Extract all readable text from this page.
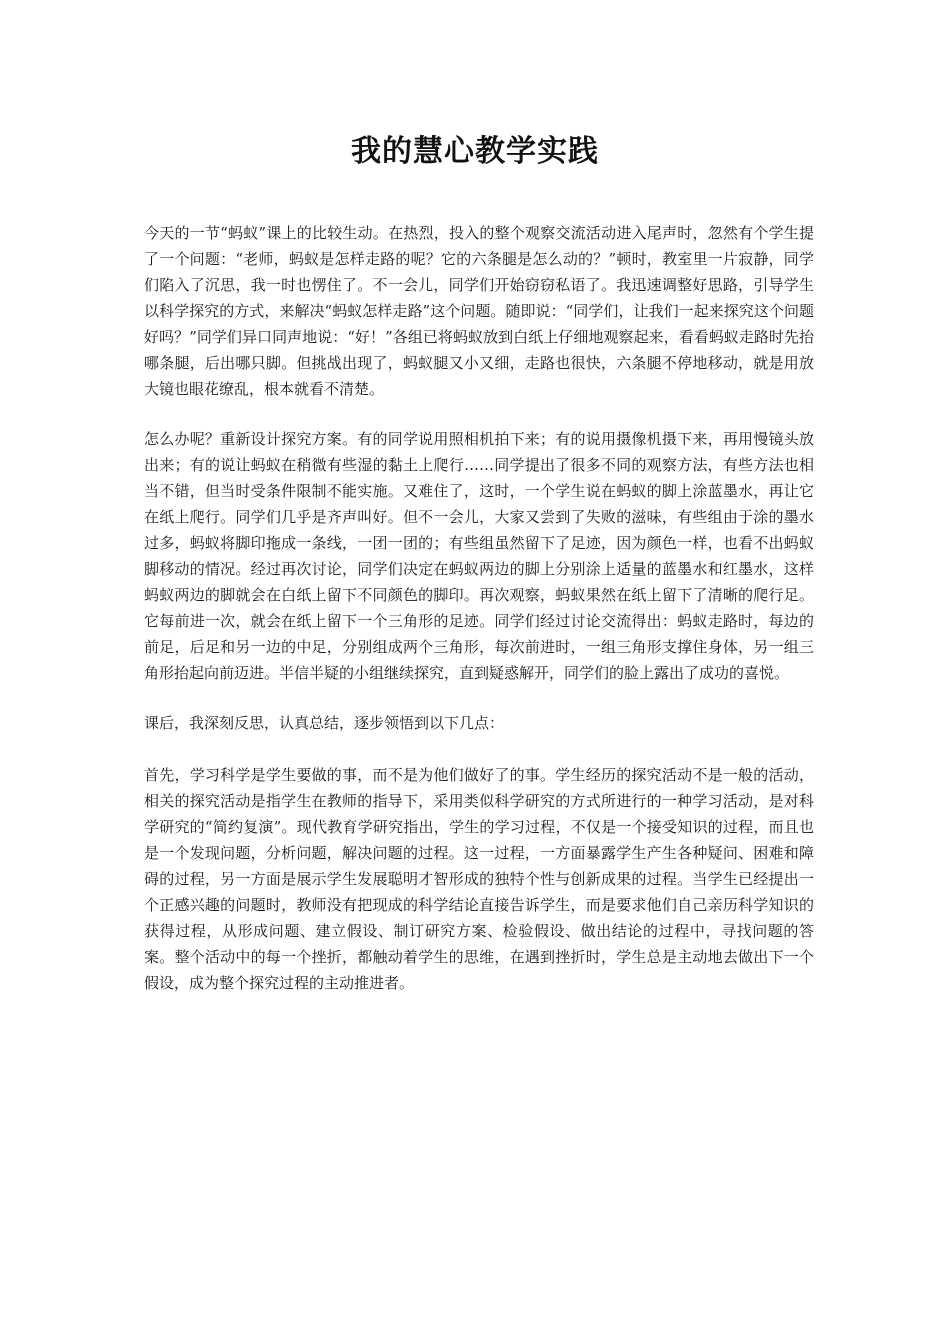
我的慧心教学实践

今天的一节“蚂蚁”课上的比较生动。在热烈，投入的整个观察交流活动进入尾声时，忽然有个学生提了一个问题：“老师，蚂蚁是怎样走路的呢？它的六条腿是怎么动的？”顿时，教室里一片寂静，同学们陷入了沉思，我一时也愣住了。不一会儿，同学们开始窃窃私语了。我迅速调整好思路，引导学生以科学探究的方式，来解决“蚂蚁怎样走路”这个问题。随即说：“同学们，让我们一起来探究这个问题好吗？”同学们异口同声地说：“好！”各组已将蚂蚁放到白纸上仔细地观察起来，看看蚂蚁走路时先抬哪条腿，后出哪只脚。但挑战出现了，蚂蚁腿又小又细，走路也很快，六条腿不停地移动，就是用放大镜也眼花缭乱，根本就看不清楚。

怎么办呢？重新设计探究方案。有的同学说用照相机拍下来；有的说用摄像机摄下来，再用慢镜头放出来；有的说让蚂蚁在稍微有些湿的黏土上爬行……同学提出了很多不同的观察方法，有些方法也相当不错，但当时受条件限制不能实施。又难住了，这时，一个学生说在蚂蚁的脚上涂蓝墨水，再让它在纸上爬行。同学们几乎是齐声叫好。但不一会儿，大家又尝到了失败的滋味，有些组由于涂的墨水过多，蚂蚁将脚印拖成一条线，一团一团的；有些组虽然留下了足迹，因为颜色一样，也看不出蚂蚁脚移动的情况。经过再次讨论，同学们决定在蚂蚁两边的脚上分别涂上适量的蓝墨水和红墨水，这样蚂蚁两边的脚就会在白纸上留下不同颜色的脚印。再次观察，蚂蚁果然在纸上留下了清晰的爬行足。它每前进一次，就会在纸上留下一个三角形的足迹。同学们经过讨论交流得出：蚂蚁走路时，每边的前足，后足和另一边的中足，分别组成两个三角形，每次前进时，一组三角形支撑住身体，另一组三角形抬起向前迈进。半信半疑的小组继续探究，直到疑惑解开，同学们的脸上露出了成功的喜悦。

课后，我深刻反思，认真总结，逐步领悟到以下几点：

首先，学习科学是学生要做的事，而不是为他们做好了的事。学生经历的探究活动不是一般的活动，相关的探究活动是指学生在教师的指导下，采用类似科学研究的方式所进行的一种学习活动，是对科学研究的“简约复演”。现代教育学研究指出，学生的学习过程，不仅是一个接受知识的过程，而且也是一个发现问题，分析问题，解决问题的过程。这一过程，一方面暴露学生产生各种疑问、困难和障碍的过程，另一方面是展示学生发展聪明才智形成的独特个性与创新成果的过程。当学生已经提出一个正感兴趣的问题时，教师没有把现成的科学结论直接告诉学生，而是要求他们自己亲历科学知识的获得过程，从形成问题、建立假设、制订研究方案、检验假设、做出结论的过程中，寻找问题的答案。整个活动中的每一个挫折，都触动着学生的思维，在遇到挫折时，学生总是主动地去做出下一个假设，成为整个探究过程的主动推进者。
